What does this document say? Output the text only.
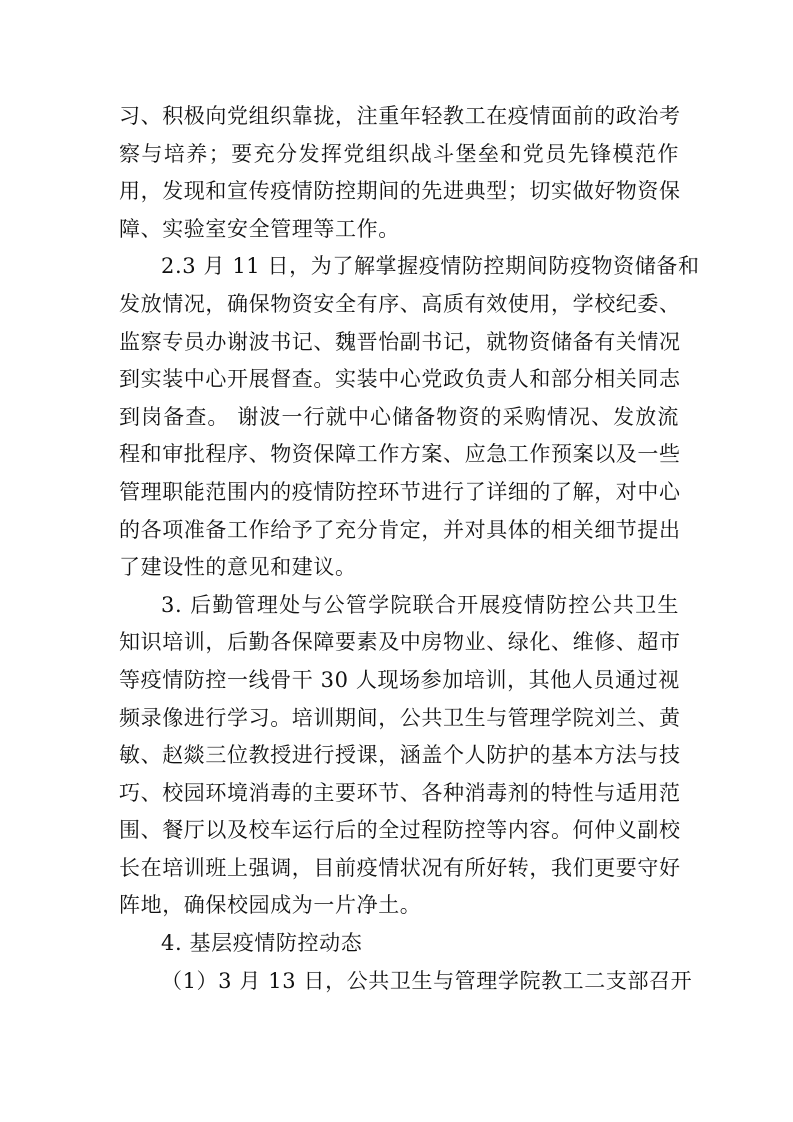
习、积极向党组织靠拢，注重年轻教工在疫情面前的政治考
察与培养；要充分发挥党组织战斗堡垒和党员先锋模范作
用，发现和宣传疫情防控期间的先进典型；切实做好物资保
障、实验室安全管理等工作。
2.3 月 11 日，为了解掌握疫情防控期间防疫物资储备和
发放情况，确保物资安全有序、高质有效使用，学校纪委、
监察专员办谢波书记、魏晋怡副书记，就物资储备有关情况
到实装中心开展督查。实装中心党政负责人和部分相关同志
到岗备查。 谢波一行就中心储备物资的采购情况、发放流
程和审批程序、物资保障工作方案、应急工作预案以及一些
管理职能范围内的疫情防控环节进行了详细的了解，对中心
的各项准备工作给予了充分肯定，并对具体的相关细节提出
了建设性的意见和建议。
3. 后勤管理处与公管学院联合开展疫情防控公共卫生
知识培训，后勤各保障要素及中房物业、绿化、维修、超市
等疫情防控一线骨干 30 人现场参加培训，其他人员通过视
频录像进行学习。培训期间，公共卫生与管理学院刘兰、黄
敏、赵燚三位教授进行授课，涵盖个人防护的基本方法与技
巧、校园环境消毒的主要环节、各种消毒剂的特性与适用范
围、餐厅以及校车运行后的全过程防控等内容。何仲义副校
长在培训班上强调，目前疫情状况有所好转，我们更要守好
阵地，确保校园成为一片净土。
4. 基层疫情防控动态
（1）3 月 13 日，公共卫生与管理学院教工二支部召开
